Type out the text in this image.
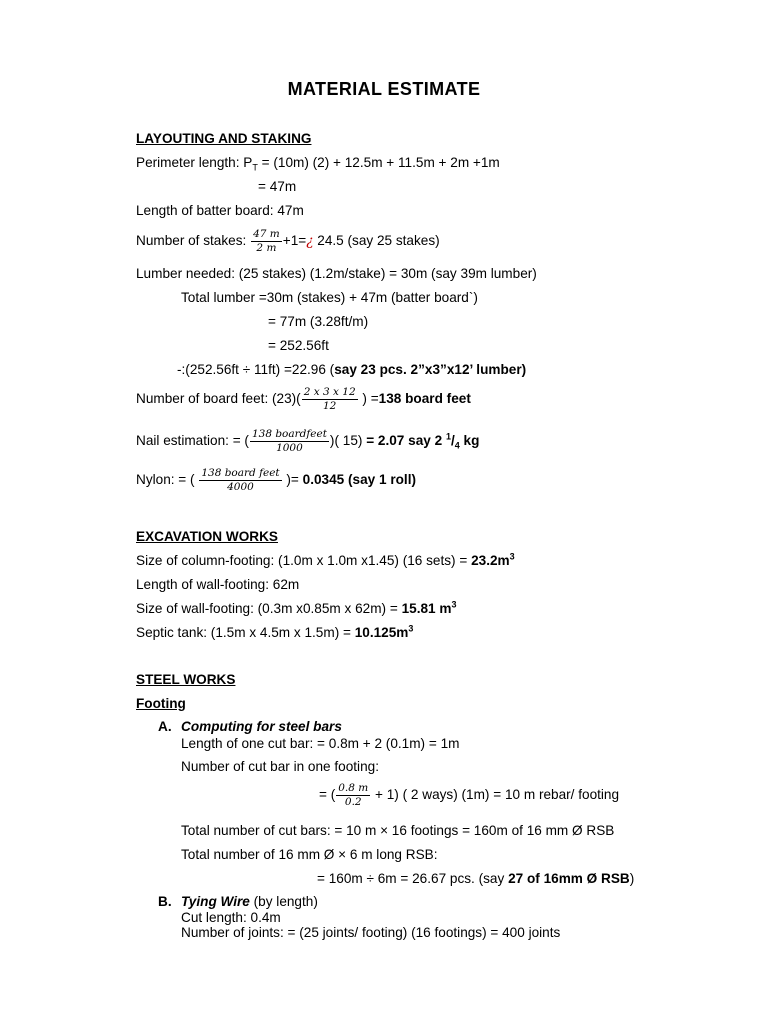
MATERIAL ESTIMATE
LAYOUTING AND STAKING
Perimeter length: $P_T = (10m) (2) + 12.5m + 11.5m + 2m +1m$
= 47m
Length of batter board: 47m
Number of stakes: $\frac{47 m}{2 m}$ +1=¿ 24.5 (say 25 stakes)
Lumber needed: (25 stakes) (1.2m/stake) = 30m (say 39m lumber)
Total lumber =30m (stakes) + 47m (batter board`)
= 77m (3.28ft/m)
= 252.56ft
-:(252.56ft ÷ 11ft) =22.96 (say 23 pcs. 2”x3”x12’ lumber)
Number of board feet: $(23)( \frac{2 x 3 x 12}{12}$ ) =138 board feet
Nail estimation: = ( $\frac{\text{138 boardfeet}}{1000}$ )( 15) = 2.07 say 2 $^1/_4$ kg
Nylon: = ( $\frac{\text{138 board feet}}{4000}$ )= 0.0345 (say 1 roll)
EXCAVATION WORKS
Size of column-footing: (1.0m x 1.0m x1.45) (16 sets) = $23.2m^3$
Length of wall-footing: 62m
Size of wall-footing: (0.3m x0.85m x 62m) = 15.81 $m^3$
Septic tank: (1.5m x 4.5m x $1.5m) = 10.125m^3$
STEEL WORKS
Footing
A. Computing for steel bars
Length of one cut bar: = 0.8m + 2 (0.1m) = 1m
Number of cut bar in one footing:
= ( $\frac{0.8 m}{0.2} + 1$) ( 2 ways) (1m) = 10 m rebar/ footing
Total number of cut bars: = 10 m × 16 footings = 160m of 16 mm Ø RSB
Total number of 16 mm Ø × 6 m long RSB:
= 160m ÷ 6m = 26.67 pcs. (say 27 of 16mm Ø RSB)
B. Tying Wire (by length)
Cut length: 0.4m
Number of joints: = (25 joints/ footing) (16 footings) = 400 joints
